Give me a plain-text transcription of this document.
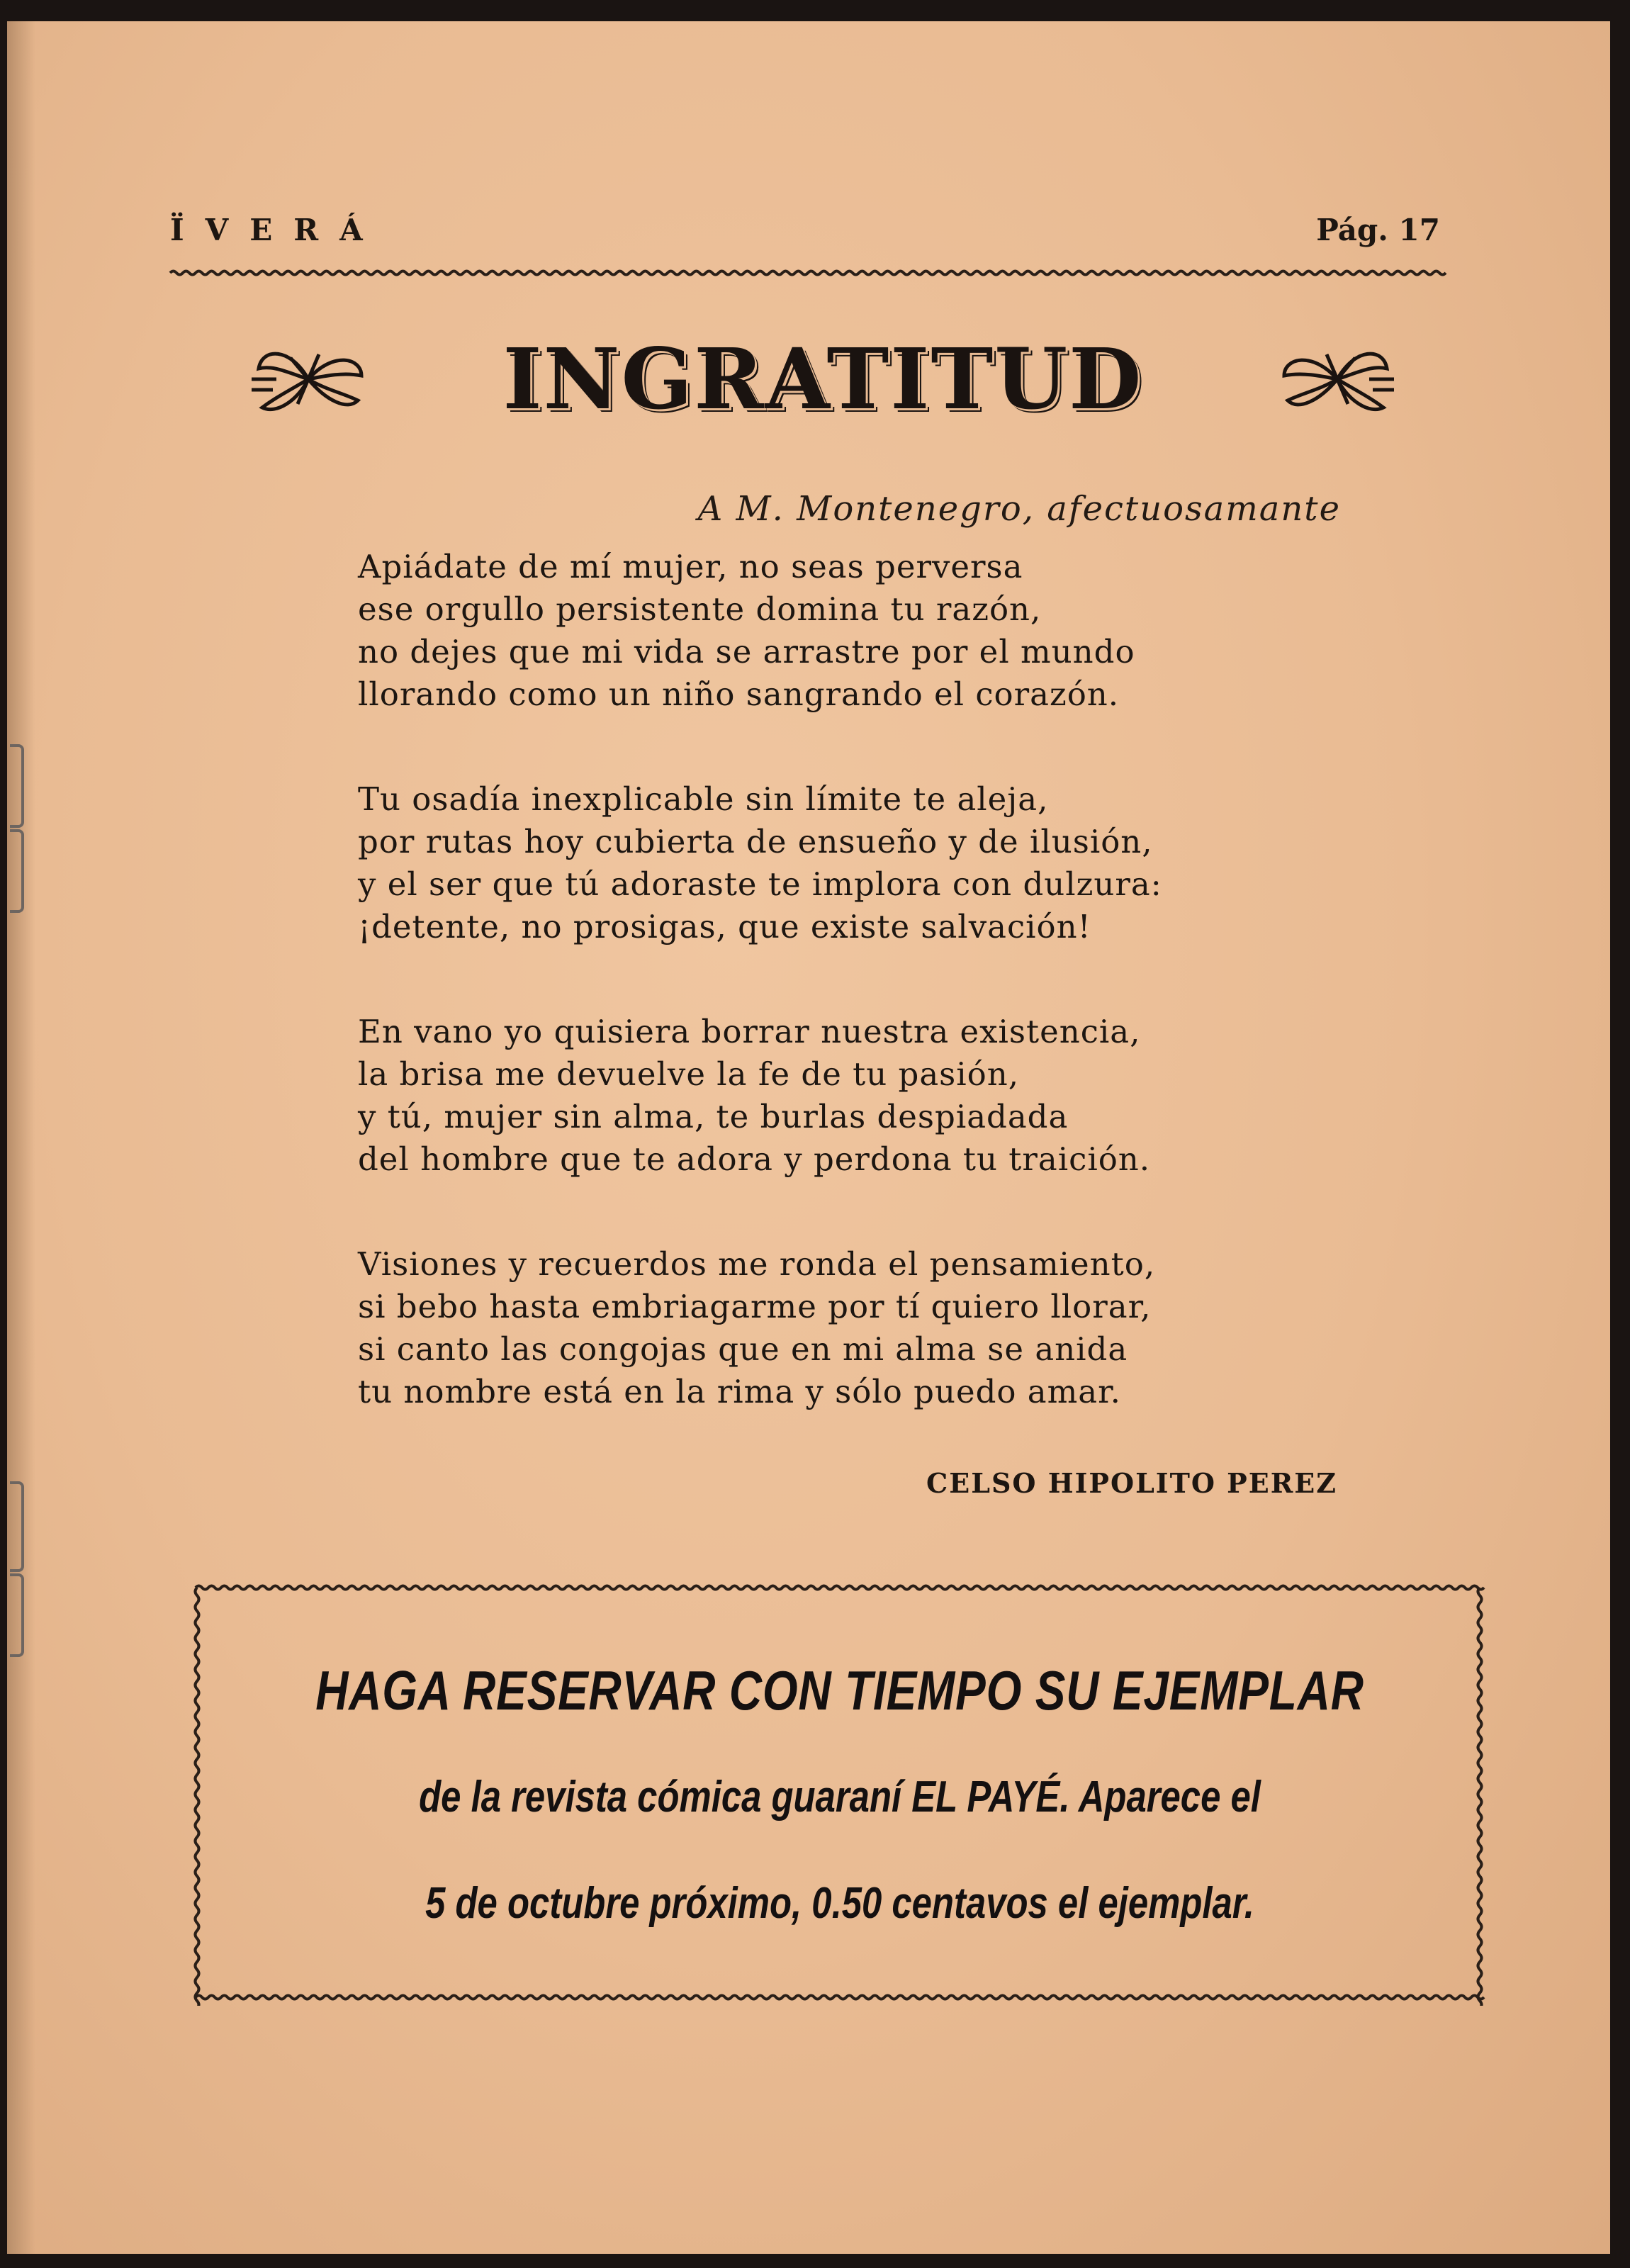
ÏVERÁ	Pág. 17
INGRATITUD
A M. Montenegro, afectuosamante
Apiádate de mí mujer, no seas perversa
ese orgullo persistente domina tu razón,
no dejes que mi vida se arrastre por el mundo
llorando como un niño sangrando el corazón.
Tu osadía inexplicable sin límite te aleja,
por rutas hoy cubierta de ensueño y de ilusión,
y el ser que tú adoraste te implora con dulzura:
¡detente, no prosigas, que existe salvación!
En vano yo quisiera borrar nuestra existencia,
la brisa me devuelve la fe de tu pasión,
y tú, mujer sin alma, te burlas despiadada
del hombre que te adora y perdona tu traición.
Visiones y recuerdos me ronda el pensamiento,
si bebo hasta embriagarme por tí quiero llorar,
si canto las congojas que en mi alma se anida
tu nombre está en la rima y sólo puedo amar.
CELSO HIPOLITO PEREZ
HAGA RESERVAR CON TIEMPO SU EJEMPLAR
de la revista cómica guaraní EL PAYÉ. Aparece el
5 de octubre próximo, 0.50 centavos el ejemplar.
